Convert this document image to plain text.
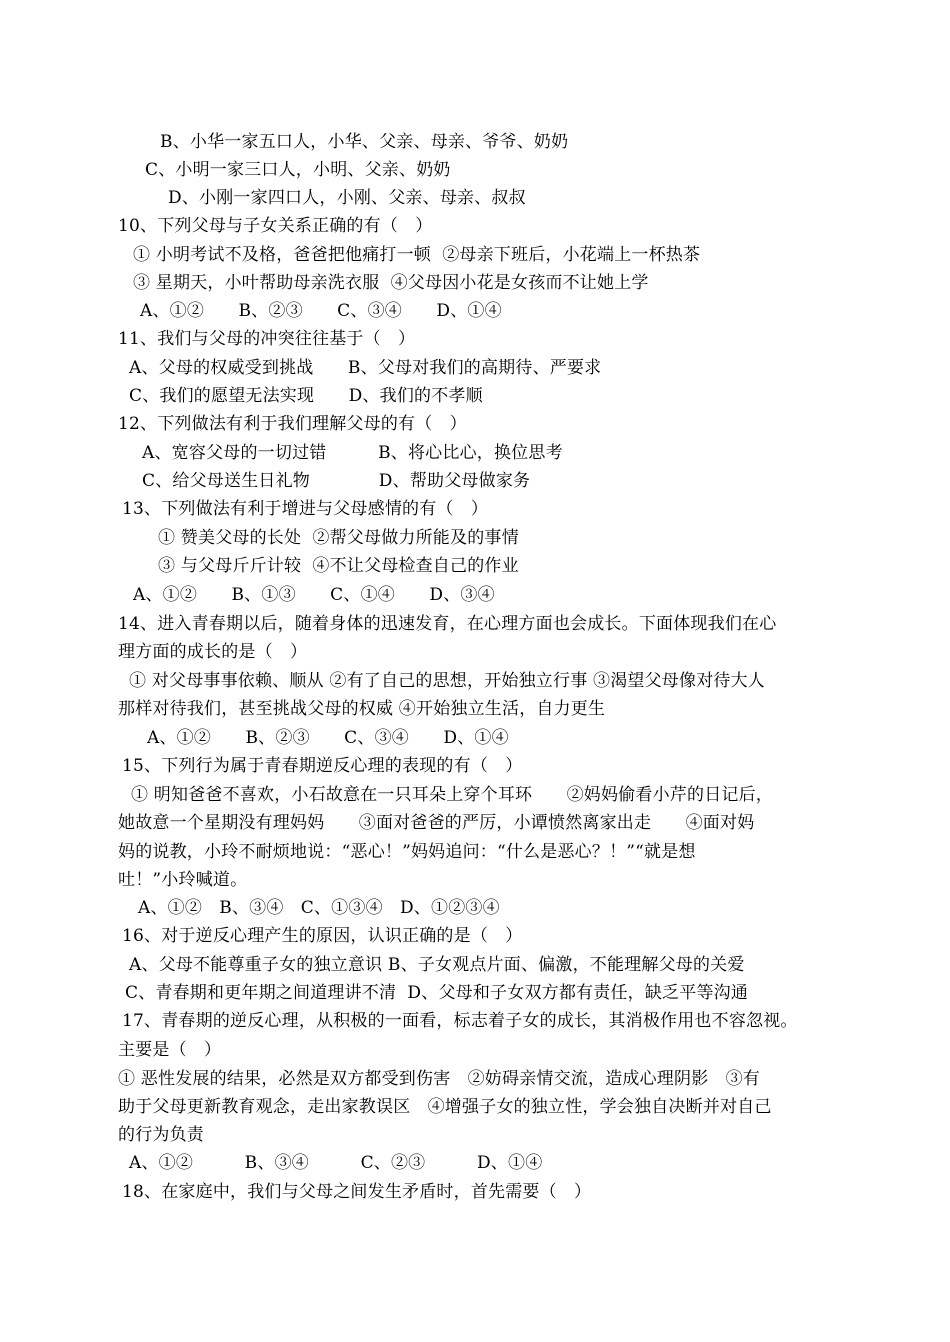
B、小华一家五口人，小华、父亲、母亲、爷爷、奶奶
C、小明一家三口人，小明、父亲、奶奶
D、小刚一家四口人，小刚、父亲、母亲、叔叔
10、下列父母与子女关系正确的有（　）
① 小明考试不及格，爸爸把他痛打一顿  ②母亲下班后，小花端上一杯热茶
③ 星期天，小叶帮助母亲洗衣服  ④父母因小花是女孩而不让她上学
A、①②　　B、②③　　C、③④　　D、①④
11、我们与父母的冲突往往基于（　）
A、父母的权威受到挑战　　B、父母对我们的高期待、严要求
C、我们的愿望无法实现　　D、我们的不孝顺
12、下列做法有利于我们理解父母的有（　）
A、宽容父母的一切过错　　　B、将心比心，换位思考
C、给父母送生日礼物　　　　D、帮助父母做家务
13、下列做法有利于增进与父母感情的有（　）
① 赞美父母的长处  ②帮父母做力所能及的事情
③ 与父母斤斤计较  ④不让父母检查自己的作业
A、①②　　B、①③　　C、①④　　D、③④
14、进入青春期以后，随着身体的迅速发育，在心理方面也会成长。下面体现我们在心
理方面的成长的是（　）
① 对父母事事依赖、顺从 ②有了自己的思想，开始独立行事 ③渴望父母像对待大人
那样对待我们，甚至挑战父母的权威 ④开始独立生活，自力更生
A、①②　　B、②③　　C、③④　　D、①④
15、下列行为属于青春期逆反心理的表现的有（　）
① 明知爸爸不喜欢，小石故意在一只耳朵上穿个耳环　　②妈妈偷看小芹的日记后，
她故意一个星期没有理妈妈　　③面对爸爸的严厉，小谭愤然离家出走　　④面对妈
妈的说教，小玲不耐烦地说：“恶心！”妈妈追问：“什么是恶心？！”“就是想
吐！”小玲喊道。
A、①②　B、③④　C、①③④　D、①②③④
16、对于逆反心理产生的原因，认识正确的是（　）
A、父母不能尊重子女的独立意识 B、子女观点片面、偏激，不能理解父母的关爱
C、青春期和更年期之间道理讲不清  D、父母和子女双方都有责任，缺乏平等沟通
17、青春期的逆反心理，从积极的一面看，标志着子女的成长，其消极作用也不容忽视。
主要是（　）
① 恶性发展的结果，必然是双方都受到伤害　②妨碍亲情交流，造成心理阴影　③有
助于父母更新教育观念，走出家教误区　④增强子女的独立性，学会独自决断并对自己
的行为负责
A、①②　　　B、③④　　　C、②③　　　D、①④
18、在家庭中，我们与父母之间发生矛盾时，首先需要（　）
